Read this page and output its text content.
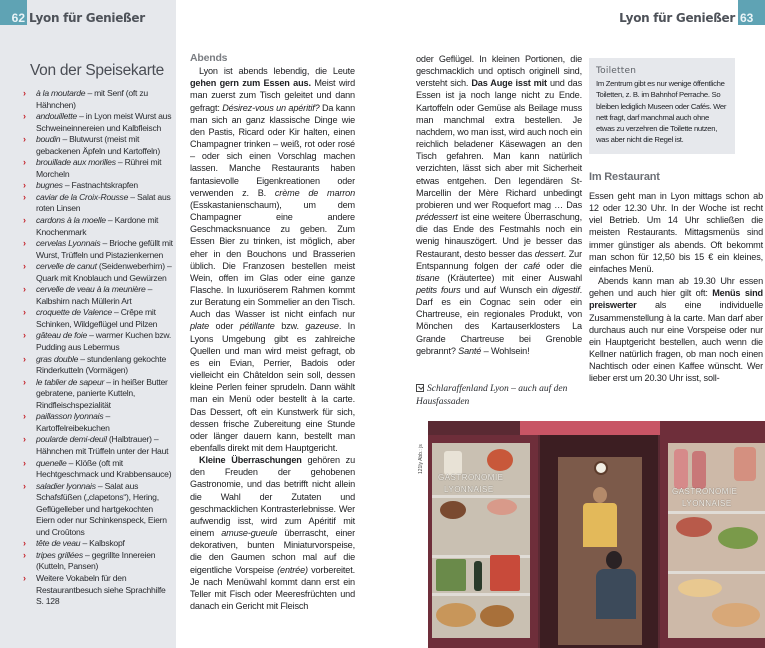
62 Lyon für Genießer
Von der Speisekarte
› à la moutarde – mit Senf (oft zu Hähnchen)
› andouillette – in Lyon meist Wurst aus Schweineinnereien und Kalbfleisch
› boudin – Blutwurst (meist mit gebackenen Äpfeln und Kartoffeln)
› brouillade aux morilles – Rührei mit Morcheln
› bugnes – Fastnachtskrapfen
› caviar de la Croix-Rousse – Salat aus roten Linsen
› cardons à la moelle – Kardone mit Knochenmark
› cervelas Lyonnais – Brioche gefüllt mit Wurst, Trüffeln und Pistazienkernen
› cervelle de canut (Seidenweberhirn) – Quark mit Knoblauch und Gewürzen
› cervelle de veau à la meunière – Kalbshirn nach Müllerin Art
› croquette de Valence – Crêpe mit Schinken, Wildgeflügel und Pilzen
› gâteau de foie – warmer Kuchen bzw. Pudding aus Lebermus
› gras double – stundenlang gekochte Rinderkutteln (Vormägen)
› le tablier de sapeur – in heißer Butter gebratene, panierte Kutteln, Rindfleischspezialität
› paillasson lyonnais – Kartoffelreibekuchen
› poularde demi-deuil (Halbtrauer) – Hähnchen mit Trüffeln unter der Haut
› quenelle – Klöße (oft mit Hechtgeschmack und Krabbensauce)
› saladier lyonnais – Salat aus Schafsfüßen („clapetons“), Hering, Geflügelleber und hartgekochten Eiern oder nur Schinkenspeck, Eiern und Croûtons
› tête de veau – Kalbskopf
› tripes grillées – gegrillte Innereien (Kutteln, Pansen)
› Weitere Vokabeln für den Restaurantbesuch siehe Sprachhilfe S. 128
Abends

Lyon ist abends lebendig, die Leute gehen gern zum Essen aus. Meist wird man zuerst zum Tisch geleitet und dann gefragt: Désirez-vous un apéritif? Da kann man sich an ganz klassische Dinge wie den Pastis, Ricard oder Kir halten, einen Champagner trinken – weiß, rot oder rosé – oder sich einen Vorschlag machen lassen. Manche Restaurants haben fantasievolle Eigenkreationen oder verwenden z. B. crème de marron (Esskastanienschaum), um dem Champagner eine andere Geschmacksnuance zu geben. Zum Essen Bier zu trinken, ist möglich, aber eher in den Bouchons und Brasserien üblich. Die Franzosen bestellen meist Wein, offen im Glas oder eine ganze Flasche. In luxuriöserem Rahmen kommt zur Beratung ein Sommelier an den Tisch. Auch das Wasser ist nicht einfach nur plate oder pétillante bzw. gazeuse. In Lyons Umgebung gibt es zahlreiche Quellen und man wird meist gefragt, ob es ein Evian, Perrier, Badois oder vielleicht ein Châteldon sein soll, dessen kleine Perlen feiner sprudeln. Dann wählt man ein Menü oder bestellt à la carte. Das Dessert, oft ein Kunstwerk für sich, dessen frische Zubereitung eine Stunde oder länger dauern kann, bestellt man ebenfalls direkt mit dem Hauptgericht.

Kleine Überraschungen gehören zu den Freuden der gehobenen Gastronomie, und das betrifft nicht allein die Wahl der Zutaten und geschmacklichen Kontrasterlebnisse. Wer aufwendig isst, wird zum Apéritif mit einem amuse-gueule überrascht, einer dekorativen, bunten Miniaturvorspeise, die den Gaumen schon mal auf die eigentliche Vorspeise (entrée) vorbereitet. Je nach Menüwahl kommt dann erst ein Teller mit Fisch oder Meeresfrüchten und danach ein Gericht mit Fleisch

Lyon für Genießer 63

oder Geflügel. In kleinen Portionen, die geschmacklich und optisch originell sind, versteht sich. Das Auge isst mit und das Essen ist ja noch lange nicht zu Ende. Kartoffeln oder Gemüse als Beilage muss man manchmal extra bestellen. Je nachdem, wo man isst, wird auch noch ein reichlich beladener Käsewagen an den Tisch gefahren. Man kann natürlich verzichten, lässt sich aber mit Sicherheit etwas entgehen. Den legendären St-Marcellin der Mère Richard unbedingt probieren und wer Roquefort mag … Das prédessert ist eine weitere Überraschung, die das Ende des Festmahls noch ein wenig hinauszögert. Und je besser das Restaurant, desto besser das dessert. Zur Entspannung folgen der café oder die tisane (Kräutertee) mit einer Auswahl petits fours und auf Wunsch ein digestif. Darf es ein Cognac sein oder ein Chartreuse, ein regionales Produkt, von Mönchen des Kartauserklosters La Grande Chartreuse bei Grenoble gebrannt? Santé – Wohlsein!

Schlaraffenland Lyon – auch auf den Hausfassaden
Toiletten
Im Zentrum gibt es nur wenige öffentliche Toiletten, z. B. im Bahnhof Perrache. So bleiben lediglich Museen oder Cafés. Wer nett fragt, darf manchmal auch ohne etwas zu verzehren die Toilette nutzen, was aber nicht die Regel ist.
Im Restaurant

Essen geht man in Lyon mittags schon ab 12 oder 12.30 Uhr. In der Woche ist recht viel Betrieb. Um 14 Uhr schließen die meisten Restaurants. Mittagsmenüs sind immer günstiger als abends. Oft bekommt man schon für 12,50 bis 15 € ein kleines, einfaches Menü.

Abends kann man ab 19.30 Uhr essen gehen und auch hier gilt oft: Menüs sind preiswerter als eine individuelle Zusammenstellung à la carte. Man darf aber durchaus auch nur eine Vorspeise oder nur ein Hauptgericht bestellen, auch wenn die Kellner natürlich fragen, ob man noch einen Nachtisch oder einen Kaffee wünscht. Wer lieber erst um 20.30 Uhr isst, soll-

121ly Abb.: js
GASTRONOMIE
LYONNAISE	GASTRONOMIE
LYONNAISE
